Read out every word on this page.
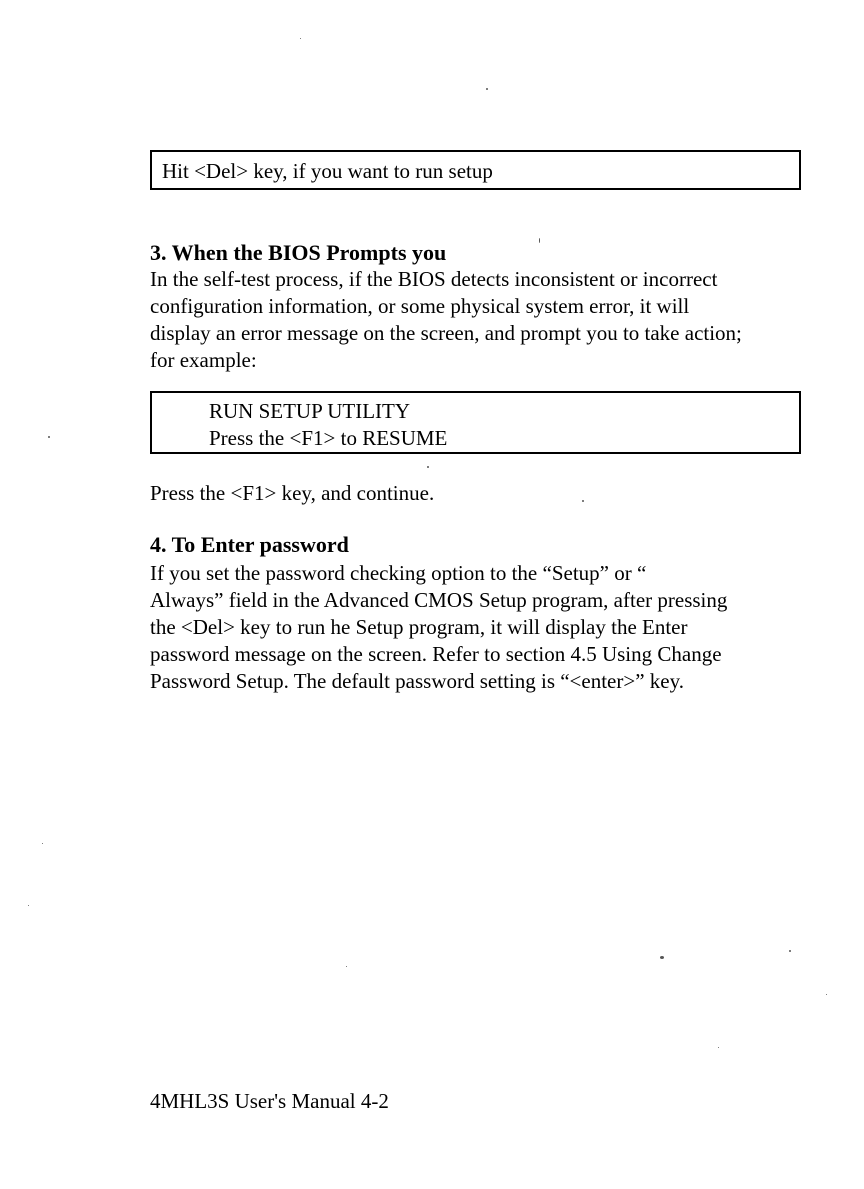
Hit <Del> key, if you want to run setup
3. When the BIOS Prompts you
In the self-test process, if the BIOS detects inconsistent or incorrect
configuration information, or some physical system error, it will
display an error message on the screen, and prompt you to take action;
for example:
RUN SETUP UTILITY
Press the <F1> to RESUME
Press the <F1> key, and continue.
4. To Enter password
If you set the password checking option to the “Setup” or “
Always” field in the Advanced CMOS Setup program, after pressing
the <Del> key to run he Setup program, it will display the Enter
password message on the screen. Refer to section 4.5 Using Change
Password Setup. The default password setting is “<enter>” key.
4MHL3S User's Manual 4-2
